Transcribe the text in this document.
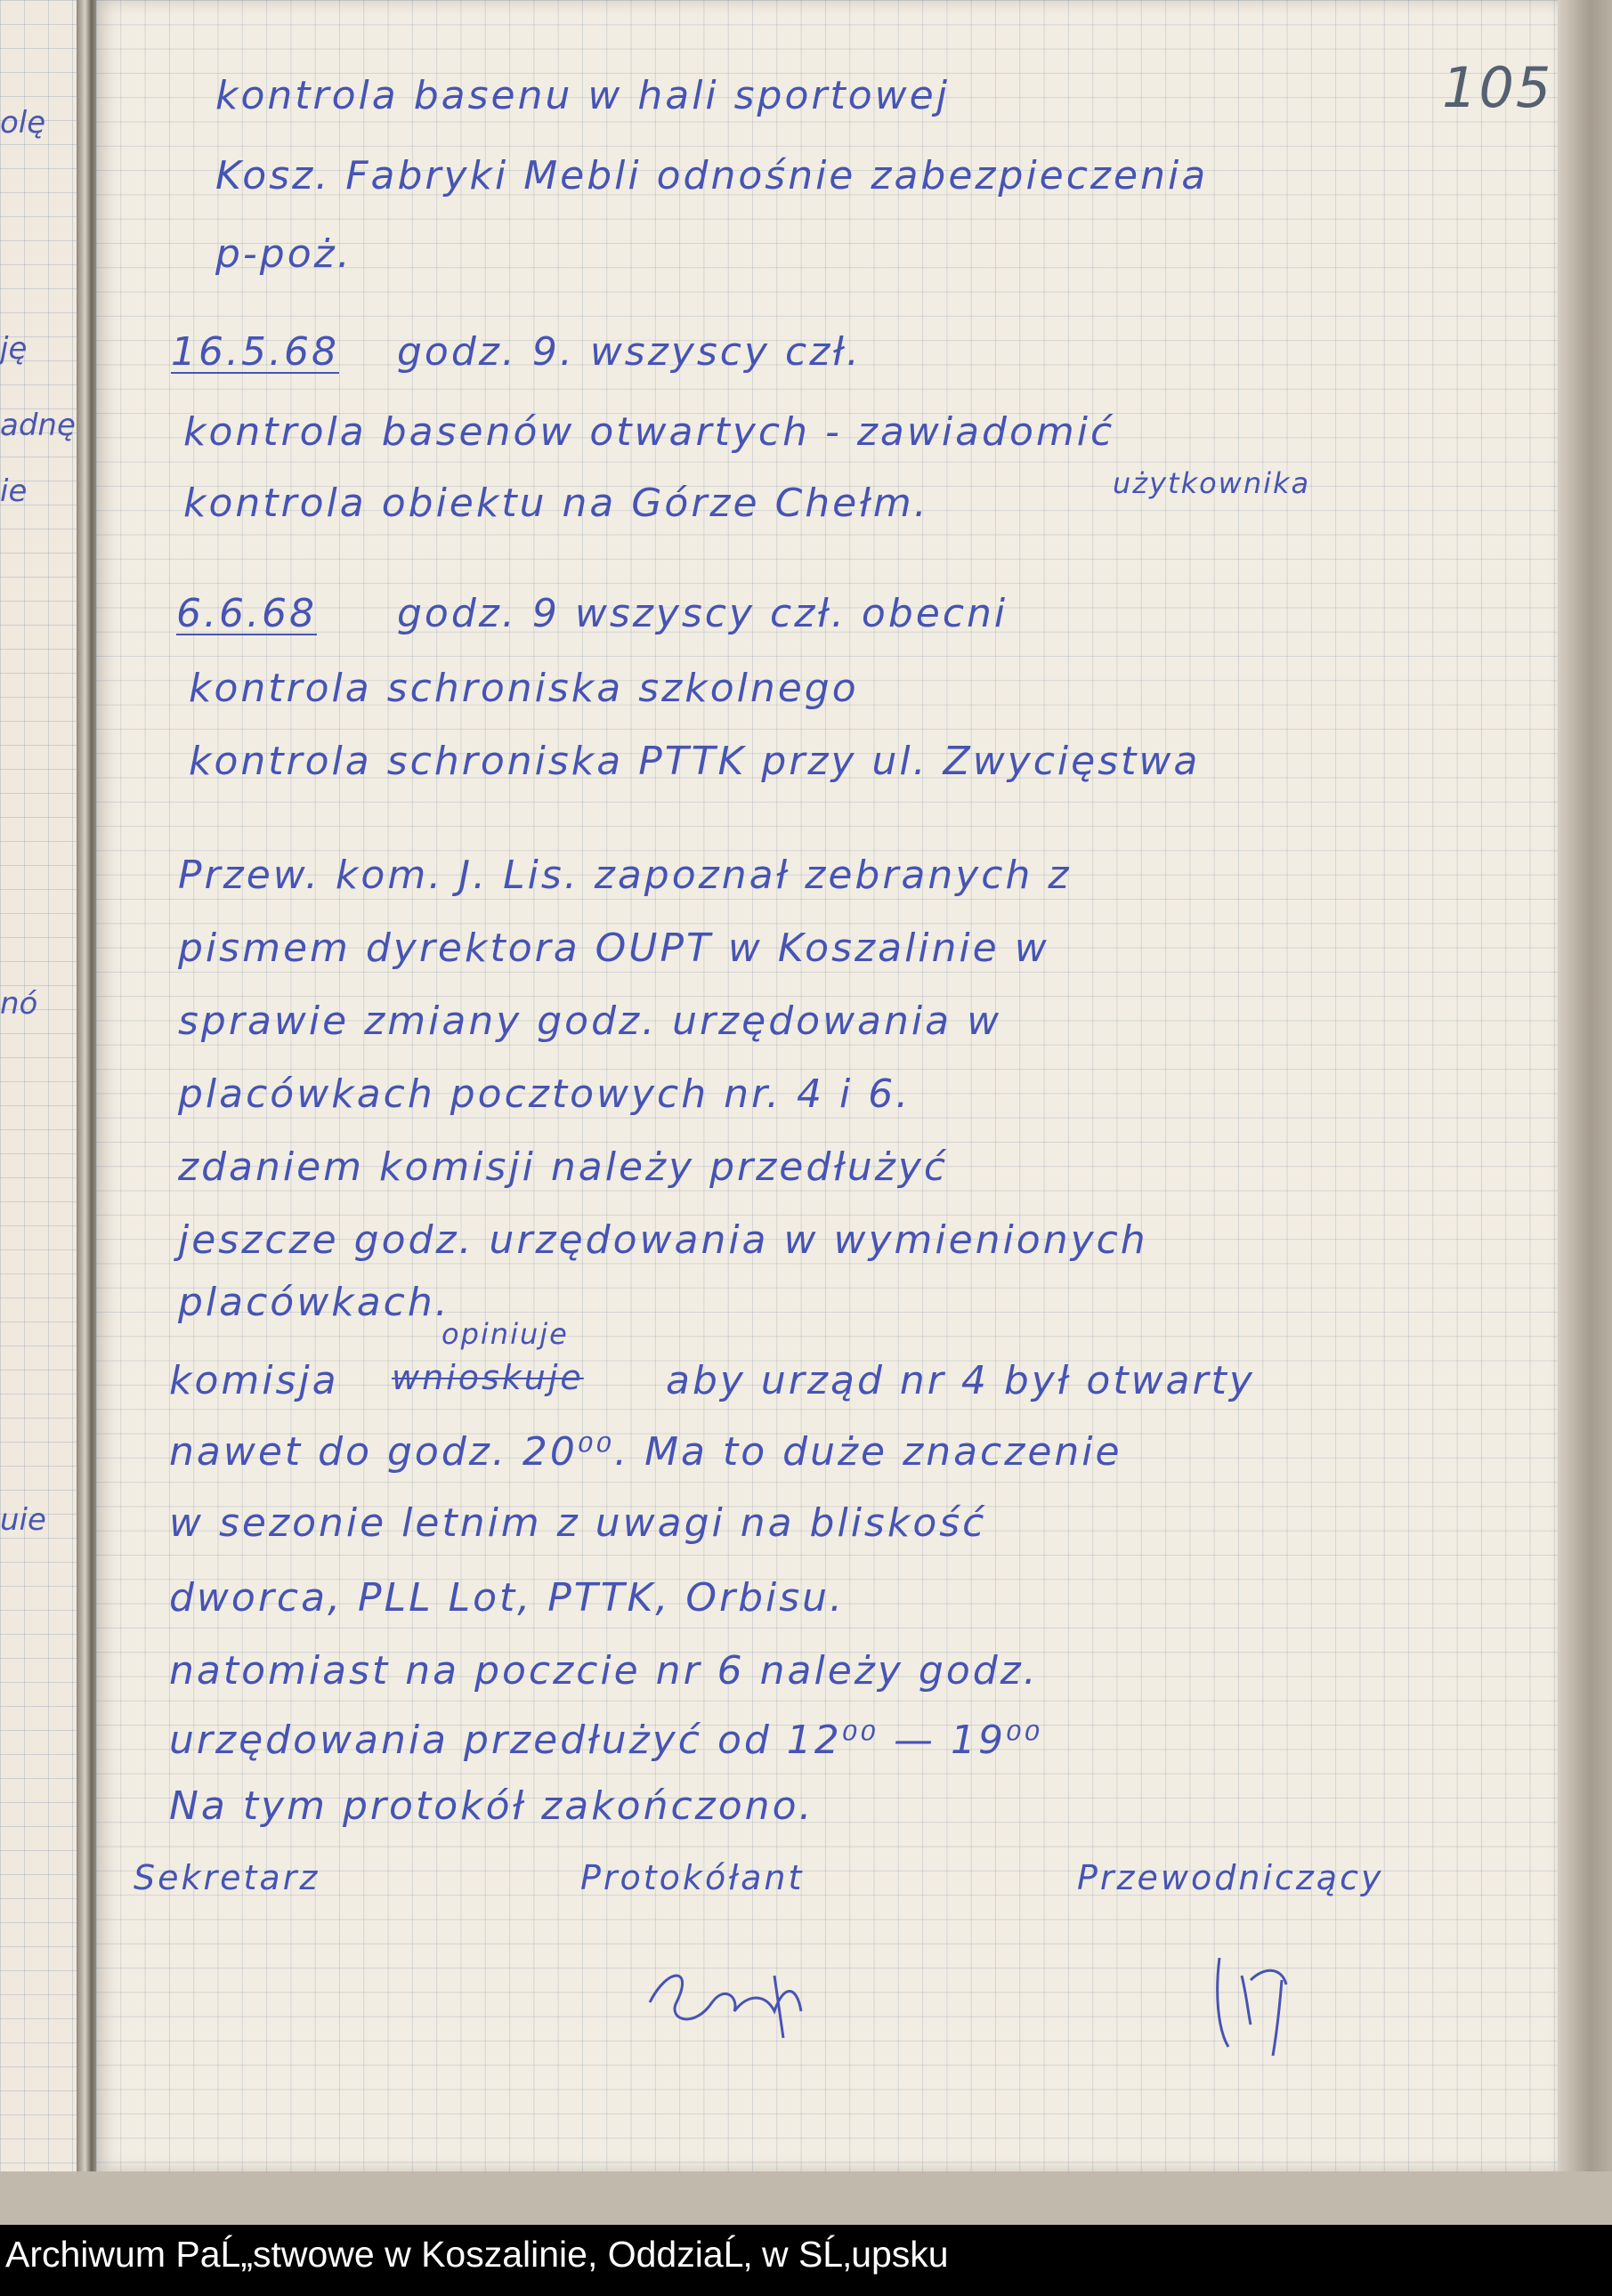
olę
ję
adnę
ie
nó
uie
105
kontrola basenu w hali sportowej
Kosz. Fabryki Mebli odnośnie zabezpieczenia
p-poż.
16.5.68 godz. 9. wszyscy czł.
kontrola basenów otwartych - zawiadomić
użytkownika
kontrola obiektu na Górze Chełm.
6.6.68 godz. 9 wszyscy czł. obecni
kontrola schroniska szkolnego
kontrola schroniska PTTK przy ul. Zwycięstwa
Przew. kom. J. Lis. zapoznał zebranych z
pismem dyrektora OUPT w Koszalinie w
sprawie zmiany godz. urzędowania w
placówkach pocztowych nr. 4 i 6.
zdaniem komisji należy przedłużyć
jeszcze godz. urzędowania w wymienionych
placówkach.
komisja
opiniuje
wnioskuje aby urząd nr 4 był otwarty
nawet do godz. 20⁰⁰. Ma to duże znaczenie
w sezonie letnim z uwagi na bliskość
dworca, PLL Lot, PTTK, Orbisu.
natomiast na poczcie nr 6 należy godz.
urzędowania przedłużyć od 12⁰⁰ — 19⁰⁰
Na tym protokół zakończono.
Sekretarz	Protokółant	Przewodniczący
Archiwum PaĹ„stwowe w Koszalinie, OddziaĹ‚ w SĹ‚upsku
